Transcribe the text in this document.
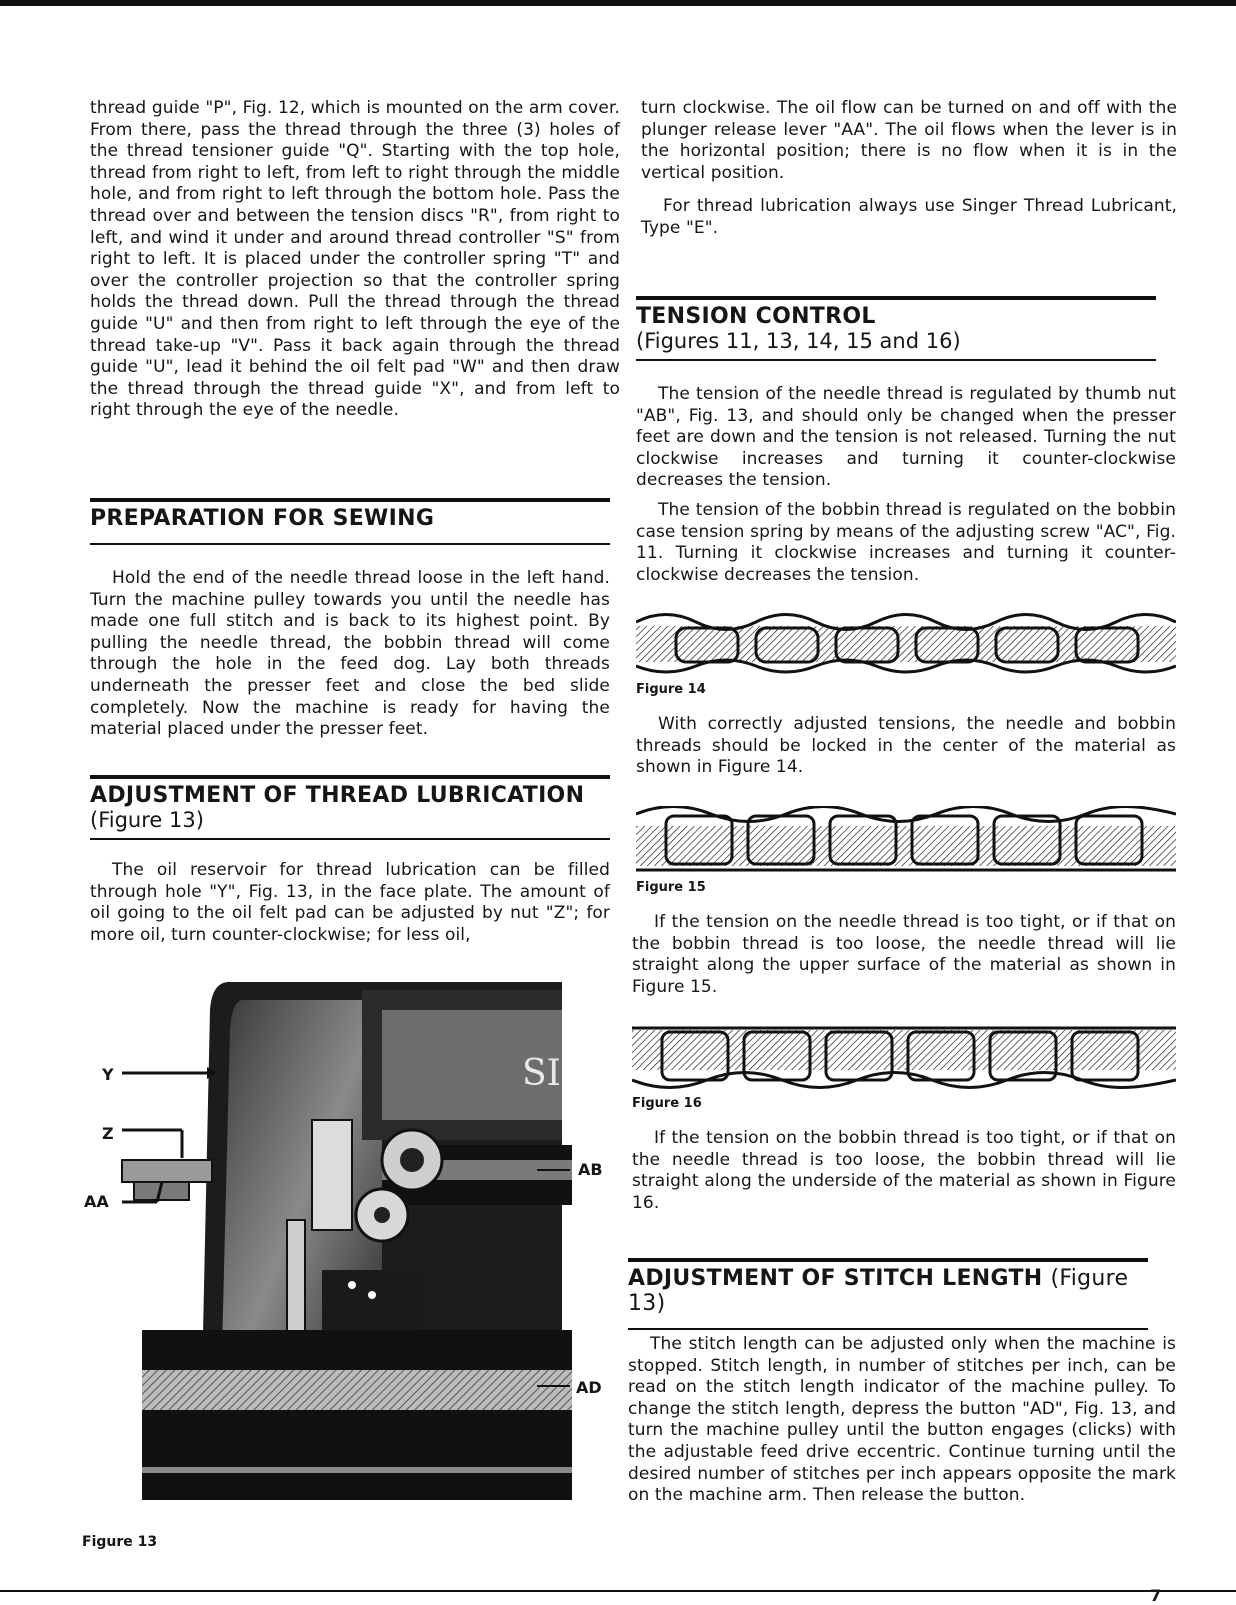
thread guide "P", Fig. 12, which is mounted on the arm cover. From there, pass the thread through the three (3) holes of the thread tensioner guide "Q". Starting with the top hole, thread from right to left, from left to right through the middle hole, and from right to left through the bottom hole. Pass the thread over and between the tension discs "R", from right to left, and wind it under and around thread controller "S" from right to left. It is placed under the controller spring "T" and over the controller projection so that the controller spring holds the thread down. Pull the thread through the thread guide "U" and then from right to left through the eye of the thread take-up "V". Pass it back again through the thread guide "U", lead it behind the oil felt pad "W" and then draw the thread through the thread guide "X", and from left to right through the eye of the needle.

PREPARATION FOR SEWING

Hold the end of the needle thread loose in the left hand. Turn the machine pulley towards you until the needle has made one full stitch and is back to its highest point. By pulling the needle thread, the bobbin thread will come through the hole in the feed dog. Lay both threads underneath the presser feet and close the bed slide completely. Now the machine is ready for having the material placed under the presser feet.

ADJUSTMENT OF THREAD LUBRICATION
(Figure 13)

The oil reservoir for thread lubrication can be filled through hole "Y", Fig. 13, in the face plate. The amount of oil going to the oil felt pad can be adjusted by nut "Z"; for more oil, turn counter-clockwise; for less oil,

SI
Y
Z
AA
AB
AD
Figure 13

turn clockwise. The oil flow can be turned on and off with the plunger release lever "AA". The oil flows when the lever is in the horizontal position; there is no flow when it is in the vertical position.

For thread lubrication always use Singer Thread Lubricant, Type "E".

TENSION CONTROL
(Figures 11, 13, 14, 15 and 16)

The tension of the needle thread is regulated by thumb nut "AB", Fig. 13, and should only be changed when the presser feet are down and the tension is not released. Turning the nut clockwise increases and turning it counter-clockwise decreases the tension.

The tension of the bobbin thread is regulated on the bobbin case tension spring by means of the adjusting screw "AC", Fig. 11. Turning it clockwise increases and turning it counter-clockwise decreases the tension.

Figure 14

With correctly adjusted tensions, the needle and bobbin threads should be locked in the center of the material as shown in Figure 14.

Figure 15

If the tension on the needle thread is too tight, or if that on the bobbin thread is too loose, the needle thread will lie straight along the upper surface of the material as shown in Figure 15.

Figure 16

If the tension on the bobbin thread is too tight, or if that on the needle thread is too loose, the bobbin thread will lie straight along the underside of the material as shown in Figure 16.

ADJUSTMENT OF STITCH LENGTH (Figure 13)

The stitch length can be adjusted only when the machine is stopped. Stitch length, in number of stitches per inch, can be read on the stitch length indicator of the machine pulley. To change the stitch length, depress the button "AD", Fig. 13, and turn the machine pulley until the button engages (clicks) with the adjustable feed drive eccentric. Continue turning until the desired number of stitches per inch appears opposite the mark on the machine arm. Then release the button.

7
